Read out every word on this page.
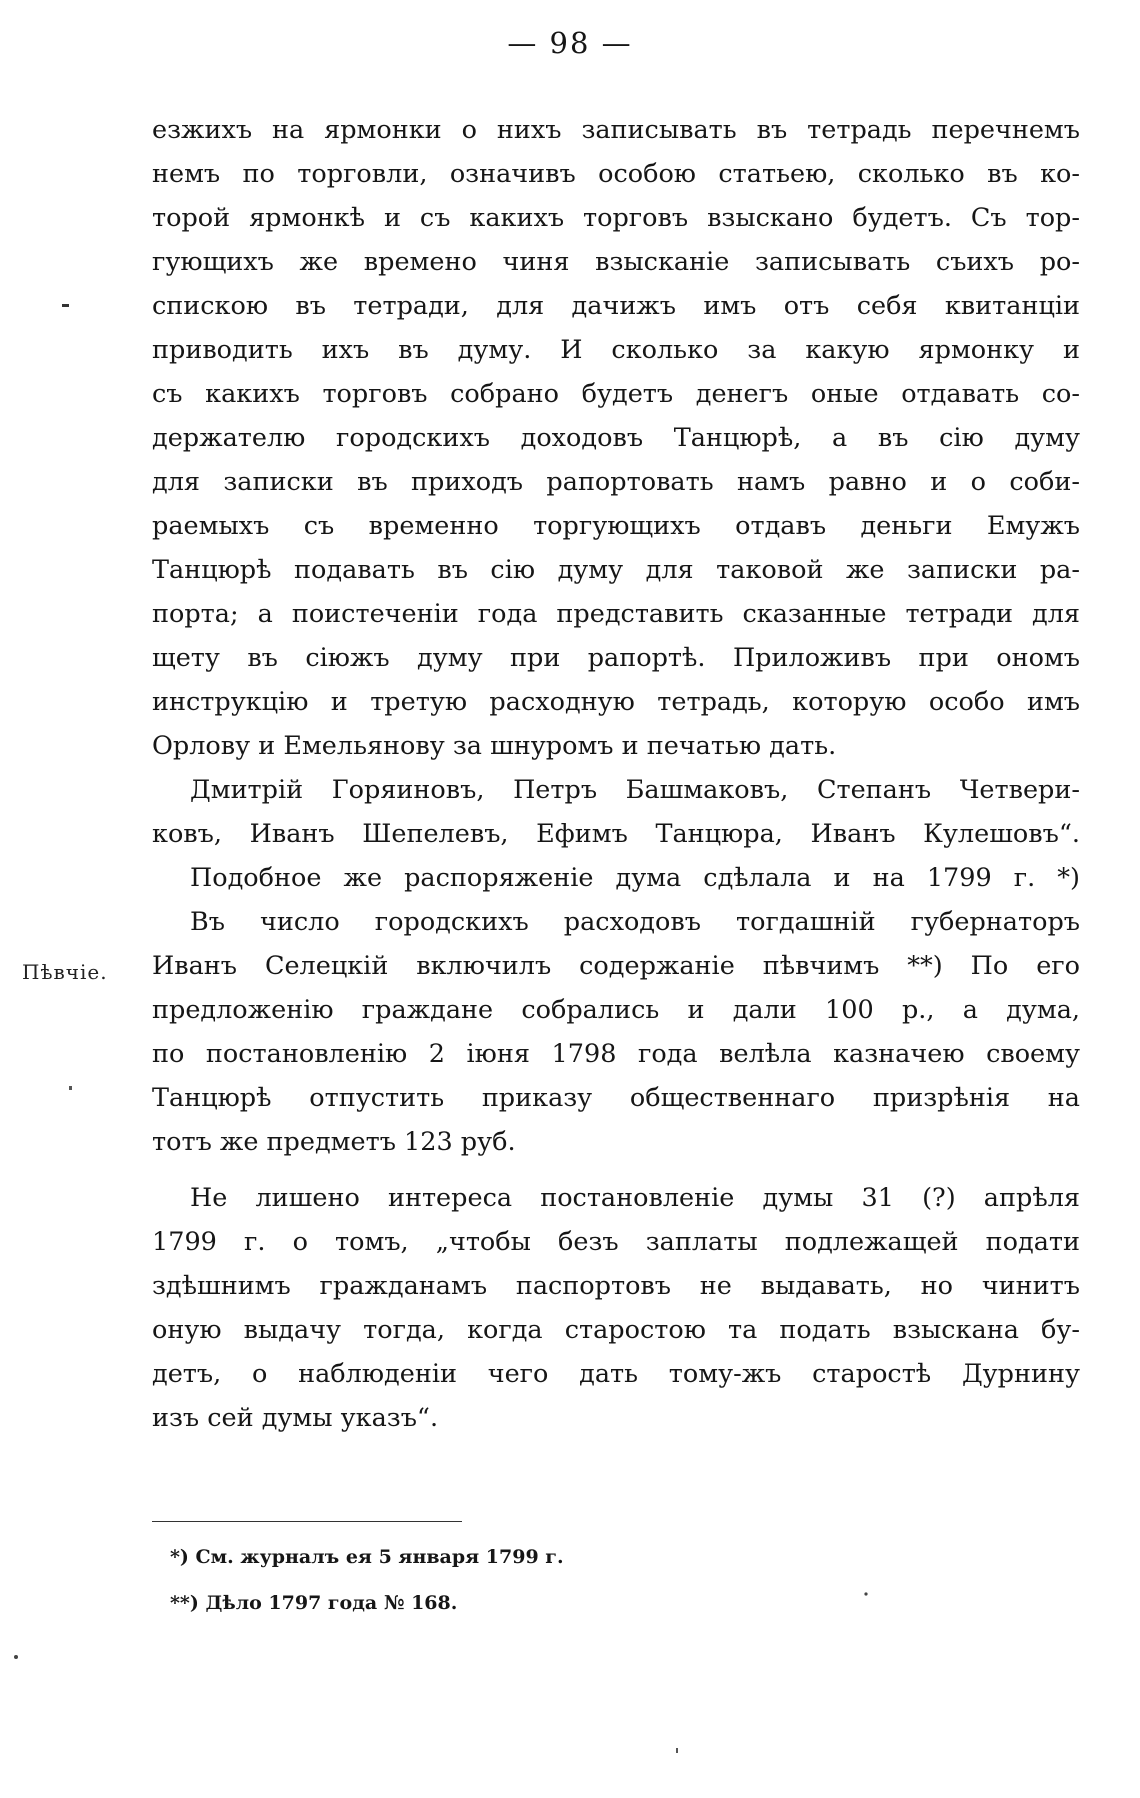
— 98 —
Пѣвчіе.
езжихъ на ярмонки о нихъ записывать въ тетрадь перечнемъ
немъ по торговли, означивъ особою статьею, сколько въ ко-
торой ярмонкѣ и съ какихъ торговъ взыскано будетъ. Съ тор-
гующихъ же времено чиня взысканіе записывать съихъ ро-
спискою въ тетради, для дачижъ имъ отъ себя квитанціи
приводить ихъ въ думу. И сколько за какую ярмонку и
съ какихъ торговъ собрано будетъ денегъ оные отдавать со-
держателю городскихъ доходовъ Танцюрѣ, а въ сію думу
для записки въ приходъ рапортовать намъ равно и о соби-
раемыхъ съ временно торгующихъ отдавъ деньги Емужъ
Танцюрѣ подавать въ сію думу для таковой же записки ра-
порта; а поистеченіи года представить сказанные тетради для
щету въ сіюжъ думу при рапортѣ. Приложивъ при ономъ
инструкцію и третую расходную тетрадь, которую особо имъ
Орлову и Емельянову за шнуромъ и печатью дать.
Дмитрій Горяиновъ, Петръ Башмаковъ, Степанъ Четвери-
ковъ, Иванъ Шепелевъ, Ефимъ Танцюра, Иванъ Кулешовъ“.
Подобное же распоряженіе дума сдѣлала и на 1799 г. *)
Въ число городскихъ расходовъ тогдашній губернаторъ
Иванъ Селецкій включилъ содержаніе пѣвчимъ **) По его
предложенію граждане собрались и дали 100 р., а дума,
по постановленію 2 іюня 1798 года велѣла казначею своему
Танцюрѣ отпустить приказу общественнаго призрѣнія на
тотъ же предметъ 123 руб.
Не лишено интереса постановленіе думы 31 (?) апрѣля
1799 г. о томъ, „чтобы безъ заплаты подлежащей подати
здѣшнимъ гражданамъ паспортовъ не выдавать, но чинитъ
оную выдачу тогда, когда старостою та подать взыскана бу-
детъ, о наблюденіи чего дать тому-жъ старостѣ Дурнину
изъ сей думы указъ“.
*) См. журналъ ея 5 января 1799 г.
**) Дѣло 1797 года № 168.
